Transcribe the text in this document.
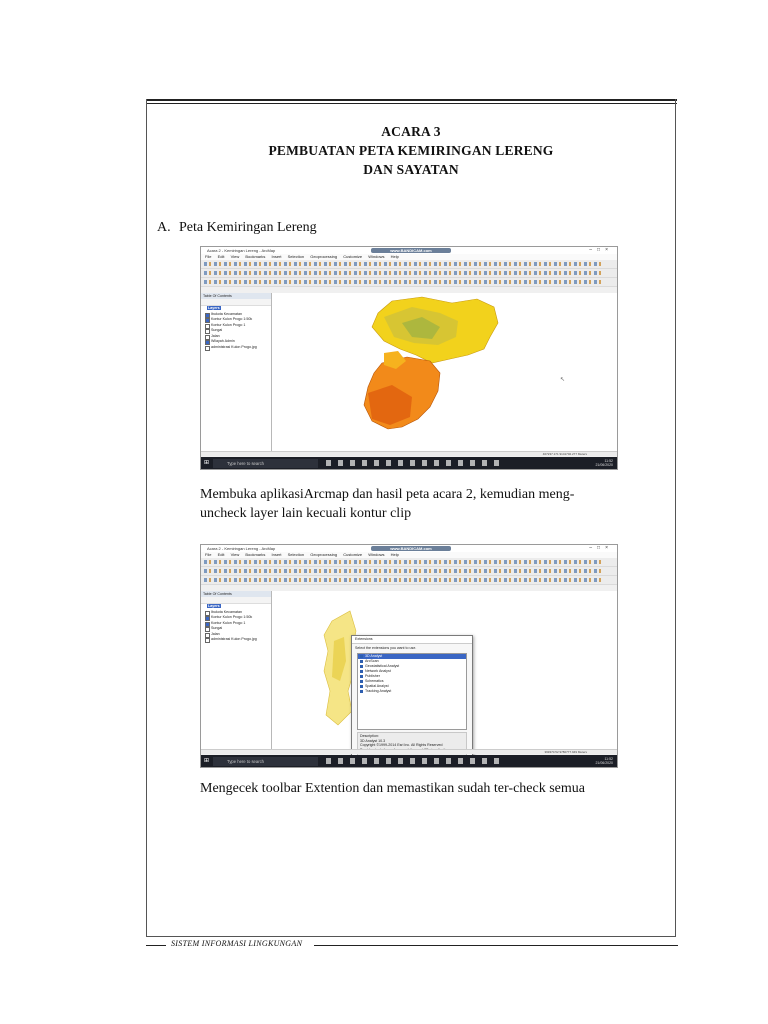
ACARA 3
PEMBUATAN PETA KEMIRINGAN LERENG
DAN SAYATAN
A. Peta Kemiringan Lereng
Acara 2 - Kemiringan Lereng - ArcMap	www.BANDICAM.com	–□×
File Edit View Bookmarks Insert Selection Geoprocessing Customize Windows Help
Table Of Contents
Layers
Ibukota Kecamatan
Kontur Kulon Progo 1:50k
Kontur Kulon Progo 1
Sungai
Jalan
Wilayah Admin
administrasi Kulon Progo.jpg
↖
407237.171 9141702.277 Meters
⊞	Type here to search	11:52
21/06/2020
Membuka aplikasiArcmap dan hasil peta acara 2, kemudian meng-
uncheck layer lain kecuali kontur clip
Acara 2 - Kemiringan Lereng - ArcMap	www.BANDICAM.com	–□×
File Edit View Bookmarks Insert Selection Geoprocessing Customize Windows Help
Table Of Contents
Layers
Ibukota Kecamatan
Kontur Kulon Progo 1:50k
Kontur Kulon Progo 1
Sungai
Jalan
administrasi Kulon Progo.jpg	Extensions
Select the extensions you want to use.
3D Analyst
ArcScan
Geostatistical Analyst
Network Analyst
Publisher
Schematics
Spatial Analyst
Tracking Analyst
Description:
3D Analyst 10.3
Copyright ©1999-2014 Esri Inc. All Rights Reserved
399370.52 9780777.949 Meters
⊞	Type here to search	11:52
21/06/2020
Mengecek toolbar Extention dan memastikan sudah ter-check semua
SISTEM INFORMASI LINGKUNGAN
